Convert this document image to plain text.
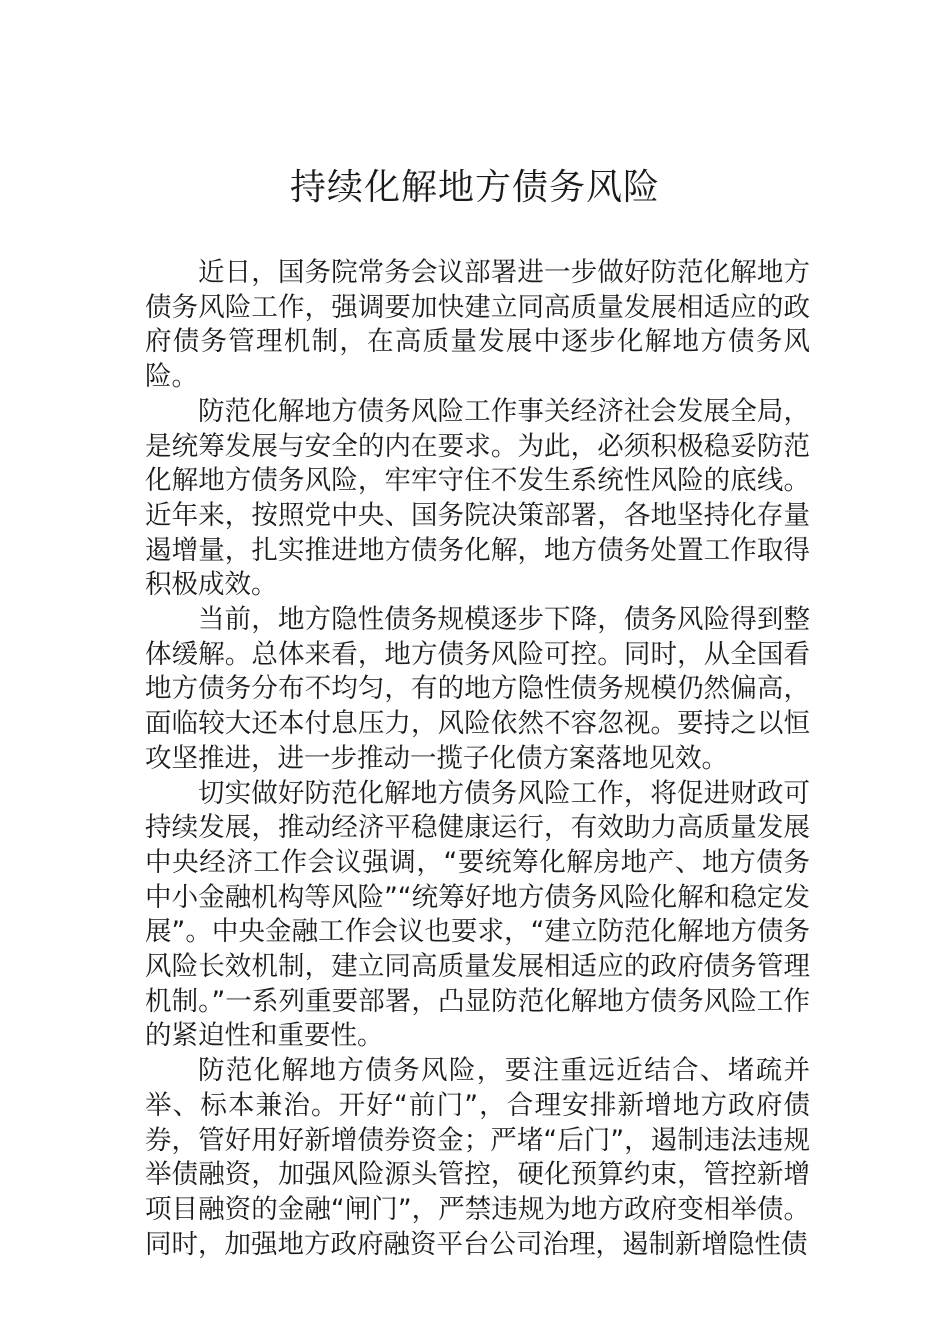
持续化解地方债务风险

近日，国务院常务会议部署进一步做好防范化解地方债务风险工作，强调要加快建立同高质量发展相适应的政府债务管理机制，在高质量发展中逐步化解地方债务风险。

防范化解地方债务风险工作事关经济社会发展全局，是统筹发展与安全的内在要求。为此，必须积极稳妥防范化解地方债务风险，牢牢守住不发生系统性风险的底线。近年来，按照党中央、国务院决策部署，各地坚持化存量遏增量，扎实推进地方债务化解，地方债务处置工作取得积极成效。

当前，地方隐性债务规模逐步下降，债务风险得到整体缓解。总体来看，地方债务风险可控。同时，从全国看地方债务分布不均匀，有的地方隐性债务规模仍然偏高，面临较大还本付息压力，风险依然不容忽视。要持之以恒攻坚推进，进一步推动一揽子化债方案落地见效。

切实做好防范化解地方债务风险工作，将促进财政可持续发展，推动经济平稳健康运行，有效助力高质量发展中央经济工作会议强调，“要统筹化解房地产、地方债务中小金融机构等风险”“统筹好地方债务风险化解和稳定发展”。中央金融工作会议也要求，“建立防范化解地方债务风险长效机制，建立同高质量发展相适应的政府债务管理机制。”一系列重要部署，凸显防范化解地方债务风险工作的紧迫性和重要性。

防范化解地方债务风险，要注重远近结合、堵疏并举、标本兼治。开好“前门”，合理安排新增地方政府债券，管好用好新增债券资金；严堵“后门”，遏制违法违规举债融资，加强风险源头管控，硬化预算约束，管控新增项目融资的金融“闸门”，严禁违规为地方政府变相举债。同时，加强地方政府融资平台公司治理，遏制新增隐性债
